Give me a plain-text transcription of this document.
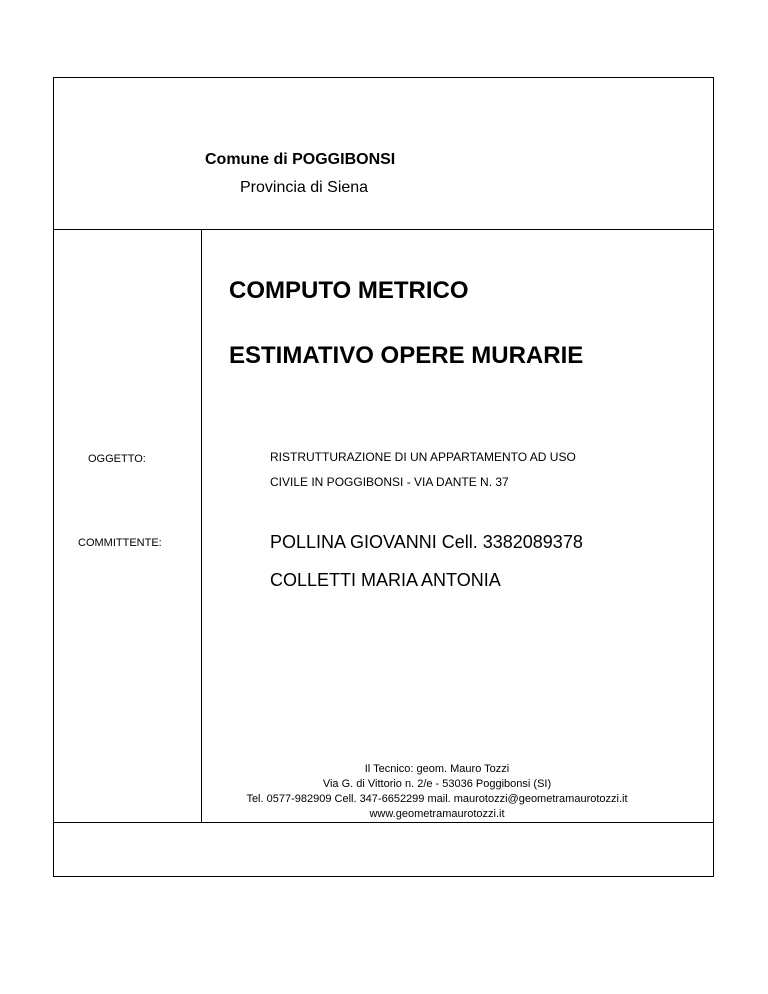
Comune di POGGIBONSI

Provincia di Siena

COMPUTO METRICO

ESTIMATIVO OPERE MURARIE

OGGETTO:	RISTRUTTURAZIONE DI UN APPARTAMENTO AD USO

CIVILE IN POGGIBONSI - VIA DANTE N. 37

COMMITTENTE:	POLLINA GIOVANNI Cell. 3382089378

COLLETTI MARIA ANTONIA

Il Tecnico: geom. Mauro Tozzi

Via G. di Vittorio n. 2/e - 53036 Poggibonsi (SI)

Tel. 0577-982909 Cell. 347-6652299 mail. maurotozzi@geometramaurotozzi.it

www.geometramaurotozzi.it
